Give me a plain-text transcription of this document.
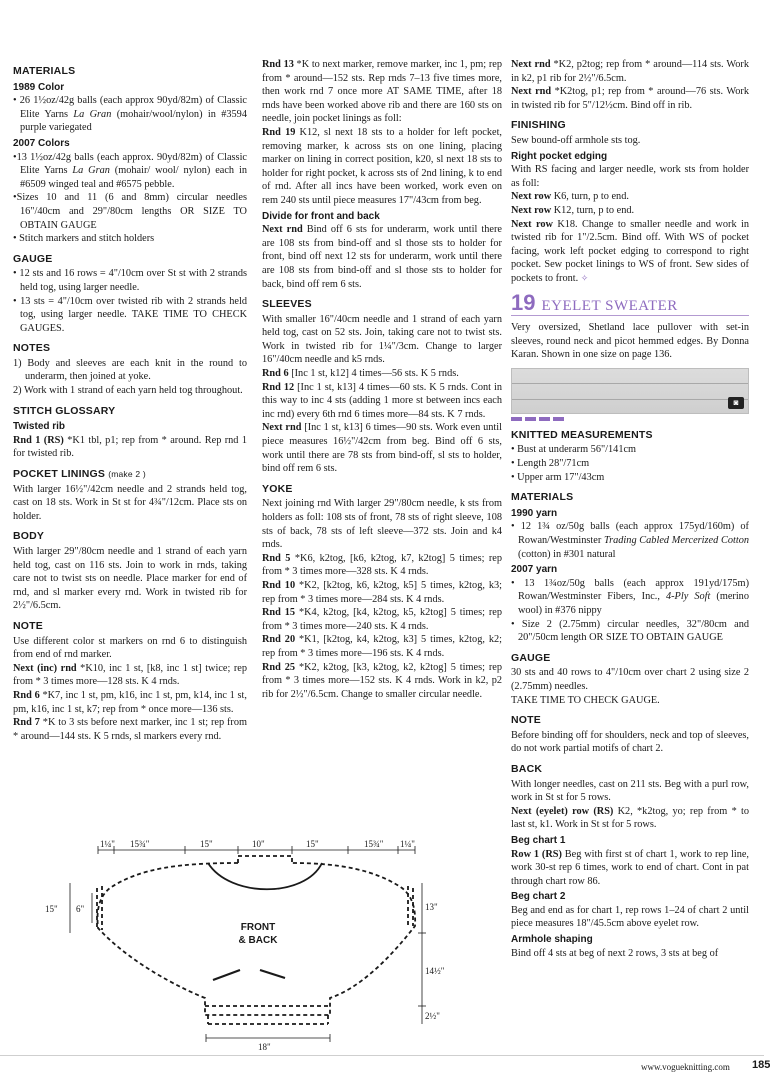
MATERIALS
1989 Color

• 26 1½oz/42g balls (each approx 90yd/82m) of Classic Elite Yarns La Gran (mohair/wool/nylon) in #3594 purple variegated

2007 Colors

•13 1½oz/42g balls (each approx. 90yd/82m) of Classic Elite Yarns La Gran (mohair/ wool/ nylon) each in #6509 winged teal and #6575 pebble.

•Sizes 10 and 11 (6 and 8mm) circular needles 16"/40cm and 29"/80cm lengths OR SIZE TO OBTAIN GAUGE

• Stitch markers and stitch holders

GAUGE

• 12 sts and 16 rows = 4"/10cm over St st with 2 strands held tog, using larger needle.

• 13 sts = 4"/10cm over twisted rib with 2 strands held tog, using larger needle. TAKE TIME TO CHECK GAUGES.

NOTES

1) Body and sleeves are each knit in the round to underarm, then joined at yoke.

2) Work with 1 strand of each yarn held tog throughout.

STITCH GLOSSARY
Twisted rib

Rnd 1 (RS) *K1 tbl, p1; rep from * around. Rep rnd 1 for twisted rib.

POCKET LININGS (make 2 )

With larger 16½"/42cm needle and 2 strands held tog, cast on 18 sts. Work in St st for 4¾"/12cm. Place sts on holder.

BODY

With larger 29"/80cm needle and 1 strand of each yarn held tog, cast on 116 sts. Join to work in rnds, taking care not to twist sts on needle. Place marker for end of rnd, and sl marker every rnd. Work in twisted rib for 2½"/6.5cm.

NOTE

Use different color st markers on rnd 6 to distinguish from end of rnd marker.

Next (inc) rnd *K10, inc 1 st, [k8, inc 1 st] twice; rep from * 3 times more—128 sts. K 4 rnds.

Rnd 6 *K7, inc 1 st, pm, k16, inc 1 st, pm, k14, inc 1 st, pm, k16, inc 1 st, k7; rep from * once more—136 sts.

Rnd 7 *K to 3 sts before next marker, inc 1 st; rep from * around—144 sts. K 5 rnds, sl markers every rnd.

Rnd 13 *K to next marker, remove marker, inc 1, pm; rep from * around—152 sts. Rep rnds 7–13 five times more, then work rnd 7 once more AT SAME TIME, after 18 rnds have been worked above rib and there are 160 sts on needle, join pocket linings as foll:

Rnd 19 K12, sl next 18 sts to a holder for left pocket, removing marker, k across sts on one lining, placing marker on lining in correct position, k20, sl next 18 sts to holder for right pocket, k across sts of 2nd lining, k to end of rnd. After all incs have been worked, work even on rem 240 sts until piece measures 17"/43cm from beg.

Divide for front and back

Next rnd Bind off 6 sts for underarm, work until there are 108 sts from bind-off and sl those sts to holder for front, bind off next 12 sts for underarm, work until there are 108 sts from bind-off and sl those sts to holder for back, bind off rem 6 sts.

SLEEVES

With smaller 16"/40cm needle and 1 strand of each yarn held tog, cast on 52 sts. Join, taking care not to twist sts. Work in twisted rib for 1¼"/3cm. Change to larger 16"/40cm needle and k5 rnds.

Rnd 6 [Inc 1 st, k12] 4 times—56 sts. K 5 rnds.

Rnd 12 [Inc 1 st, k13] 4 times—60 sts. K 5 rnds. Cont in this way to inc 4 sts (adding 1 more st between incs each inc rnd) every 6th rnd 6 times more—84 sts. K 7 rnds.

Next rnd [Inc 1 st, k13] 6 times—90 sts. Work even until piece measures 16½"/42cm from beg. Bind off 6 sts, work until there are 78 sts from bind-off, sl sts to holder, bind off rem 6 sts.

YOKE

Next joining rnd With larger 29"/80cm needle, k sts from holders as foll: 108 sts of front, 78 sts of right sleeve, 108 sts of back, 78 sts of left sleeve—372 sts. Join and k4 rnds.

Rnd 5 *K6, k2tog, [k6, k2tog, k7, k2tog] 5 times; rep from * 3 times more—328 sts. K 4 rnds.

Rnd 10 *K2, [k2tog, k6, k2tog, k5] 5 times, k2tog, k3; rep from * 3 times more—284 sts. K 4 rnds.

Rnd 15 *K4, k2tog, [k4, k2tog, k5, k2tog] 5 times; rep from * 3 times more—240 sts. K 4 rnds.

Rnd 20 *K1, [k2tog, k4, k2tog, k3] 5 times, k2tog, k2; rep from * 3 times more—196 sts. K 4 rnds.

Rnd 25 *K2, k2tog, [k3, k2tog, k2, k2tog] 5 times; rep from * 3 times more—152 sts. K 4 rnds. Work in k2, p2 rib for 2½"/6.5cm. Change to smaller circular needle.

Next rnd *K2, p2tog; rep from * around—114 sts. Work in k2, p1 rib for 2½"/6.5cm.

Next rnd *K2tog, p1; rep from * around—76 sts. Work in twisted rib for 5"/12½cm. Bind off in rib.

FINISHING

Sew bound-off armhole sts tog.

Right pocket edging

With RS facing and larger needle, work sts from holder as foll:

Next row K6, turn, p to end.

Next row K12, turn, p to end.

Next row K18. Change to smaller needle and work in twisted rib for 1"/2.5cm. Bind off. With WS of pocket facing, work left pocket edging to correspond to right pocket. Sew pocket linings to WS of front. Sew sides of pockets to front. ✧

19 EYELET SWEATER

Very oversized, Shetland lace pullover with set-in sleeves, round neck and picot hemmed edges. By Donna Karan. Shown in one size on page 136.

◙
KNITTED MEASUREMENTS

• Bust at underarm 56"/141cm

• Length 28"/71cm

• Upper arm 17"/43cm

MATERIALS
1990 yarn

• 12 1¾ oz/50g balls (each approx 175yd/160m) of Rowan/Westminster Trading Cabled Mercerized Cotton (cotton) in #301 natural

2007 yarn

• 13 1¾oz/50g balls (each approx 191yd/175m) Rowan/Westminster Fibers, Inc., 4-Ply Soft (merino wool) in #376 nippy

• Size 2 (2.75mm) circular needles, 32"/80cm and 20"/50cm length OR SIZE TO OBTAIN GAUGE

GAUGE

30 sts and 40 rows to 4"/10cm over chart 2 using size 2 (2.75mm) needles.

TAKE TIME TO CHECK GAUGE.

NOTE

Before binding off for shoulders, neck and top of sleeves, do not work partial motifs of chart 2.

BACK

With longer needles, cast on 211 sts. Beg with a purl row, work in St st for 5 rows.

Next (eyelet) row (RS) K2, *k2tog, yo; rep from * to last st, k1. Work in St st for 5 rows.

Beg chart 1

Row 1 (RS) Beg with first st of chart 1, work to rep line, work 30-st rep 6 times, work to end of chart. Cont in pat through chart row 86.

Beg chart 2

Beg and end as for chart 1, rep rows 1–24 of chart 2 until piece measures 18"/45.5cm above eyelet row.

Armhole shaping

Bind off 4 sts at beg of next 2 rows, 3 sts at beg of

1¼" 15¾"	15"	10"	15"	15¾" 1¼"
15" 6"	13"
14½"
2½"
18"
FRONT
& BACK
www.vogueknitting.com 185
